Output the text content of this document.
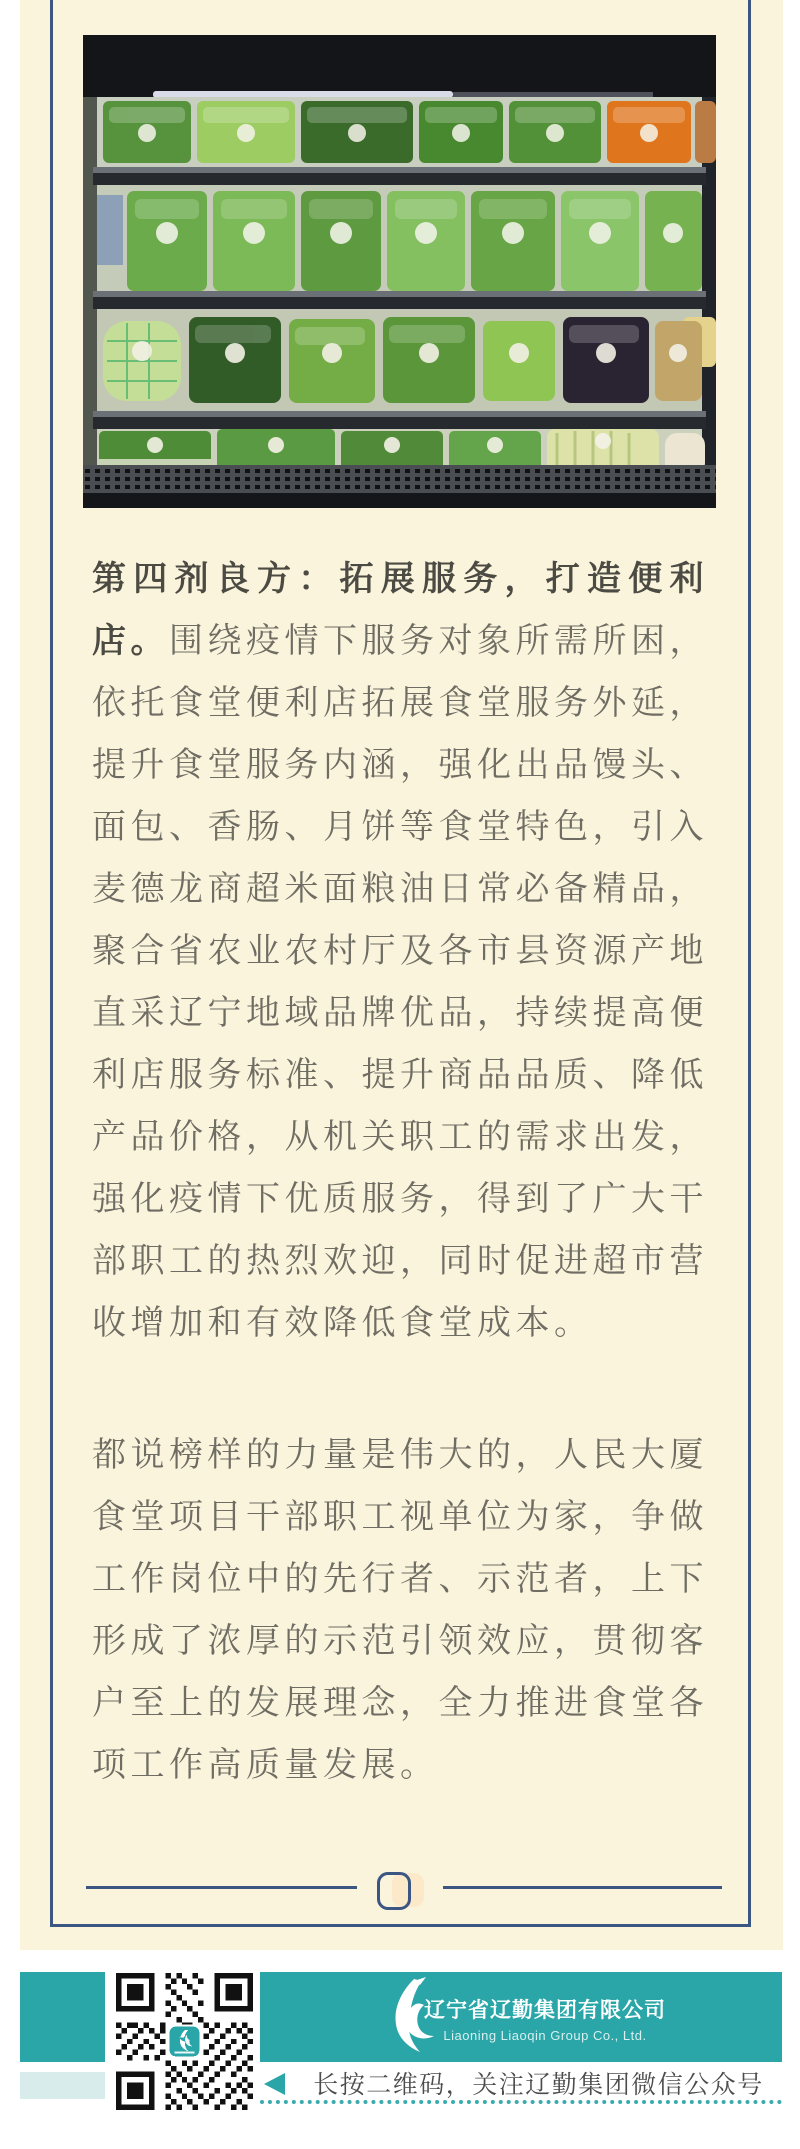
第四剂良方：拓展服务，打造便利店。围绕疫情下服务对象所需所困，依托食堂便利店拓展食堂服务外延，提升食堂服务内涵，强化出品馒头、面包、香肠、月饼等食堂特色，引入麦德龙商超米面粮油日常必备精品，聚合省农业农村厅及各市县资源产地直采辽宁地域品牌优品，持续提高便利店服务标准、提升商品品质、降低产品价格，从机关职工的需求出发，强化疫情下优质服务，得到了广大干部职工的热烈欢迎，同时促进超市营收增加和有效降低食堂成本。

都说榜样的力量是伟大的，人民大厦食堂项目干部职工视单位为家，争做工作岗位中的先行者、示范者，上下形成了浓厚的示范引领效应，贯彻客户至上的发展理念，全力推进食堂各项工作高质量发展。

辽宁省辽勤集团有限公司
Liaoning Liaoqin Group Co., Ltd.
长按二维码，关注辽勤集团微信公众号
